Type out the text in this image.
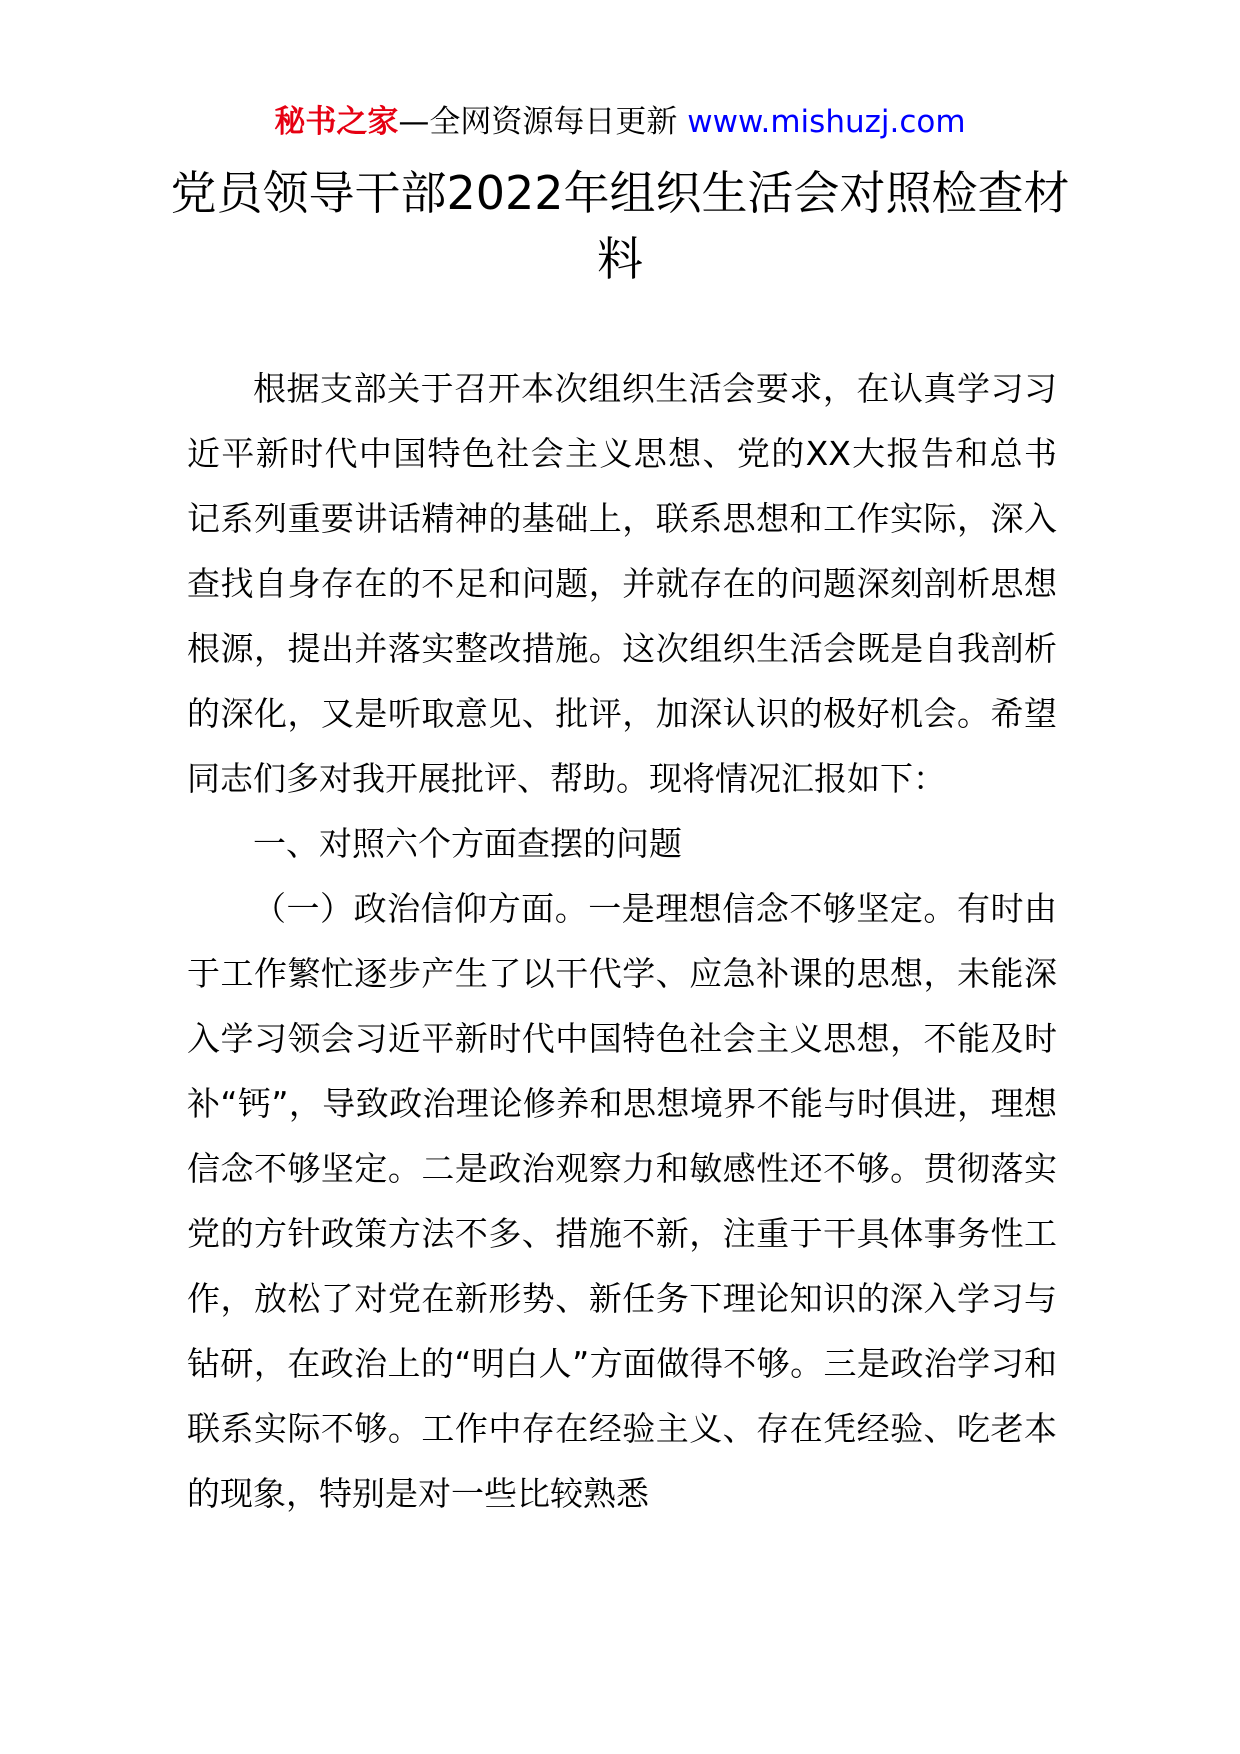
秘书之家—全网资源每日更新 www.mishuzj.com
党员领导干部2022年组织生活会对照检查材料

根据支部关于召开本次组织生活会要求，在认真学习习近平新时代中国特色社会主义思想、党的XX大报告和总书记系列重要讲话精神的基础上，联系思想和工作实际，深入查找自身存在的不足和问题，并就存在的问题深刻剖析思想根源，提出并落实整改措施。这次组织生活会既是自我剖析的深化，又是听取意见、批评，加深认识的极好机会。希望同志们多对我开展批评、帮助。现将情况汇报如下：

一、对照六个方面查摆的问题

（一）政治信仰方面。一是理想信念不够坚定。有时由于工作繁忙逐步产生了以干代学、应急补课的思想，未能深入学习领会习近平新时代中国特色社会主义思想，不能及时补“钙”，导致政治理论修养和思想境界不能与时俱进，理想信念不够坚定。二是政治观察力和敏感性还不够。贯彻落实党的方针政策方法不多、措施不新，注重于干具体事务性工作，放松了对党在新形势、新任务下理论知识的深入学习与钻研，在政治上的“明白人”方面做得不够。三是政治学习和联系实际不够。工作中存在经验主义、存在凭经验、吃老本的现象，特别是对一些比较熟悉
